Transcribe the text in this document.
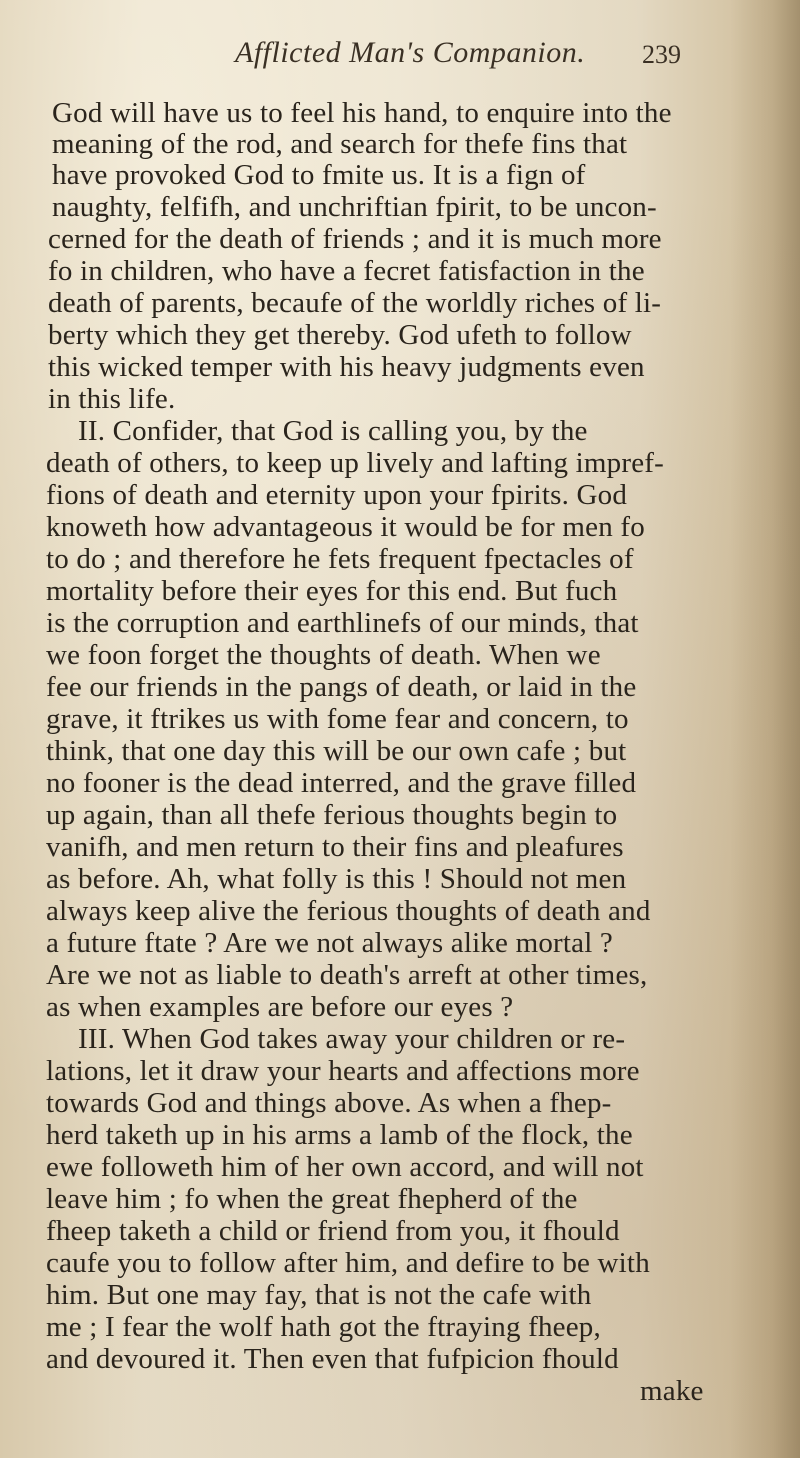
Afflicted Man's Companion. 239
God will have us to feel his hand, to enquire into the
meaning of the rod, and search for thefe fins that
have provoked God to fmite us. It is a fign of
naughty, felfifh, and unchriftian fpirit, to be uncon-
cerned for the death of friends ; and it is much more
fo in children, who have a fecret fatisfaction in the
death of parents, becaufe of the worldly riches of li-
berty which they get thereby. God ufeth to follow
this wicked temper with his heavy judgments even
in this life.
II. Confider, that God is calling you, by the
death of others, to keep up lively and lafting impref-
fions of death and eternity upon your fpirits. God
knoweth how advantageous it would be for men fo
to do ; and therefore he fets frequent fpectacles of
mortality before their eyes for this end. But fuch
is the corruption and earthlinefs of our minds, that
we foon forget the thoughts of death. When we
fee our friends in the pangs of death, or laid in the
grave, it ftrikes us with fome fear and concern, to
think, that one day this will be our own cafe ; but
no fooner is the dead interred, and the grave filled
up again, than all thefe ferious thoughts begin to
vanifh, and men return to their fins and pleafures
as before. Ah, what folly is this ! Should not men
always keep alive the ferious thoughts of death and
a future ftate ? Are we not always alike mortal ?
Are we not as liable to death's arreft at other times,
as when examples are before our eyes ?
III. When God takes away your children or re-
lations, let it draw your hearts and affections more
towards God and things above. As when a fhep-
herd taketh up in his arms a lamb of the flock, the
ewe followeth him of her own accord, and will not
leave him ; fo when the great fhepherd of the
fheep taketh a child or friend from you, it fhould
caufe you to follow after him, and defire to be with
him. But one may fay, that is not the cafe with
me ; I fear the wolf hath got the ftraying fheep,
and devoured it. Then even that fufpicion fhould
make
